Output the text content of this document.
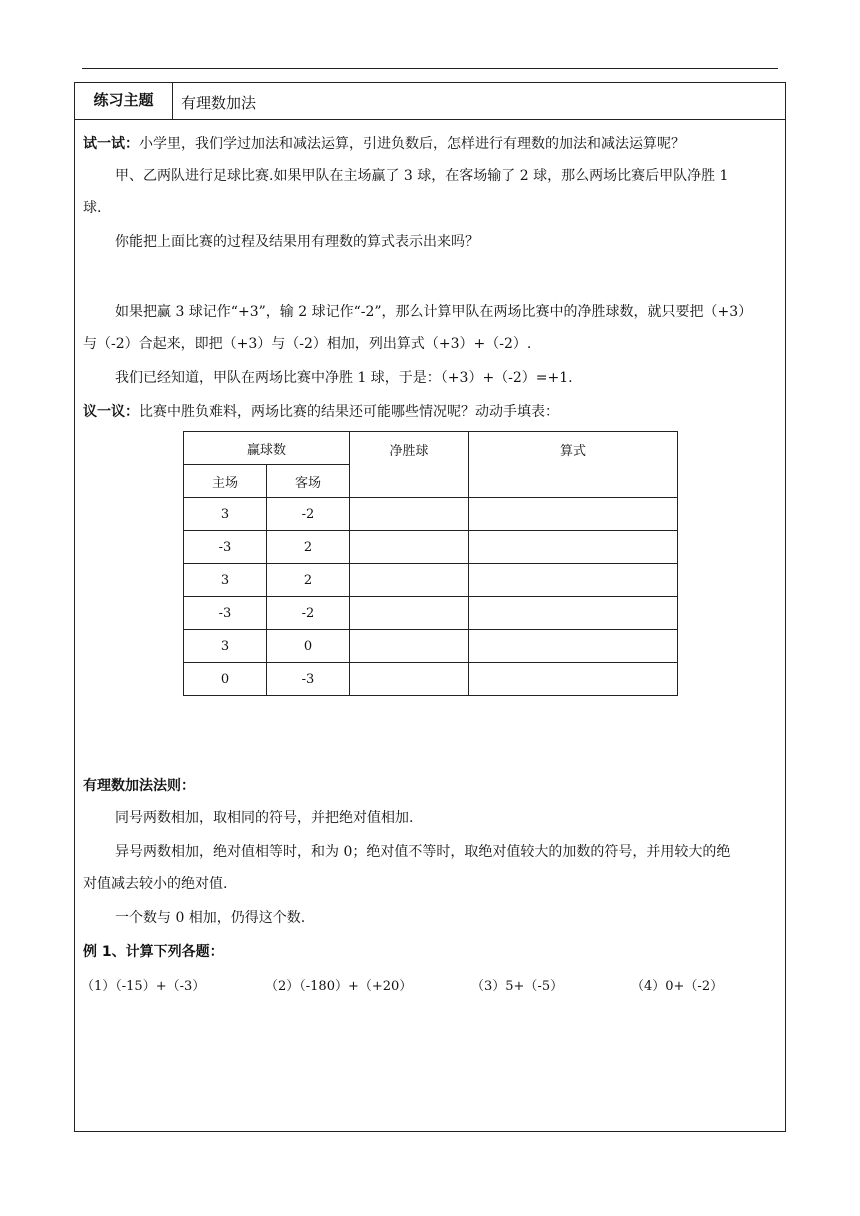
练习主题	有理数加法
试一试：小学里，我们学过加法和减法运算，引进负数后，怎样进行有理数的加法和减法运算呢？
甲、乙两队进行足球比赛.如果甲队在主场赢了 3 球，在客场输了 2 球，那么两场比赛后甲队净胜 1
球.
你能把上面比赛的过程及结果用有理数的算式表示出来吗？
如果把赢 3 球记作“+3”，输 2 球记作“-2”，那么计算甲队在两场比赛中的净胜球数，就只要把（+3）
与（-2）合起来，即把（+3）与（-2）相加，列出算式（+3）+（-2）.
我们已经知道，甲队在两场比赛中净胜 1 球，于是：（+3）+（-2）=+1.
议一议：比赛中胜负难料，两场比赛的结果还可能哪些情况呢？动动手填表：
赢球数		净胜球	算式
主场	客场		
3	-2		
-3	2		
3	2		
-3	-2		
3	0		
0	-3		
有理数加法法则：
同号两数相加，取相同的符号，并把绝对值相加.
异号两数相加，绝对值相等时，和为 0；绝对值不等时，取绝对值较大的加数的符号，并用较大的绝
对值减去较小的绝对值.
一个数与 0 相加，仍得这个数.
例 1、计算下列各题：
（1）（-15）+（-3）	（2）（-180）+（+20）	（3）5+（-5）	（4）0+（-2）
